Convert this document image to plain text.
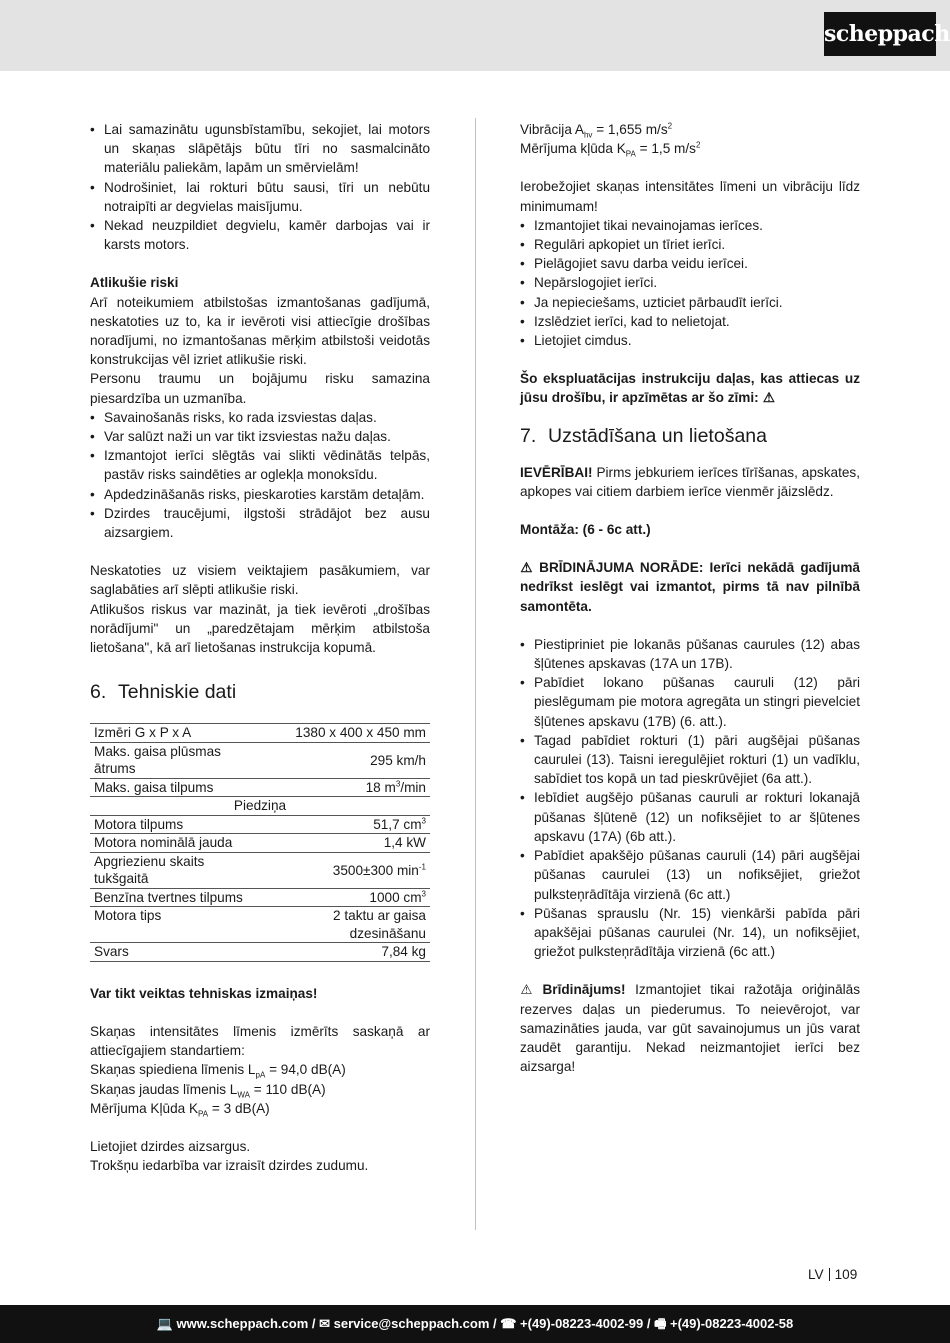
scheppach
• Lai samazinātu ugunsbīstamību, sekojiet, lai motors un skaņas slāpētājs būtu tīri no sasmalcināto materiālu paliekām, lapām un smērvielām!
• Nodrošiniet, lai rokturi būtu sausi, tīri un nebūtu notraipīti ar degvielas maisījumu.
• Nekad neuzpildiet degvielu, kamēr darbojas vai ir karsts motors.

Atlikušie riski

Arī noteikumiem atbilstošas izmantošanas gadījumā, neskatoties uz to, ka ir ievēroti visi attiecīgie drošības noradījumi, no izmantošanas mērķim atbilstoši veidotās konstrukcijas vēl izriet atlikušie riski.

Personu traumu un bojājumu risku samazina piesardzība un uzmanība.

• Savainošanās risks, ko rada izsviestas daļas.
• Var salūzt naži un var tikt izsviestas nažu daļas.
• Izmantojot ierīci slēgtās vai slikti vēdinātās telpās, pastāv risks saindēties ar oglekļa monoksīdu.
• Apdedzināšanās risks, pieskaroties karstām detaļām.
• Dzirdes traucējumi, ilgstoši strādājot bez ausu aizsargiem.

Neskatoties uz visiem veiktajiem pasākumiem, var saglabāties arī slēpti atlikušie riski.

Atlikušos riskus var mazināt, ja tiek ievēroti „drošības norādījumi" un „paredzētajam mērķim atbilstoša lietošana", kā arī lietošanas instrukcija kopumā.

6. Tehniskie dati
Izmēri G x P x A	1380 x 400 x 450 mm
Maks. gaisa plūsmas ātrums	295 km/h
Maks. gaisa tilpums	18 $m^3/\min$
Piedziņa	
Motora tilpums	51,7 $cm^3$
Motora nominālā jauda	1,4 kW
Apgriezienu skaits tukšgaitā	3500±300 $\min^{-1}$
Benzīna tvertnes tilpums	1000 $cm^3$
Motora tips	2 taktu ar gaisa dzesināšanu
Svars	7,84 kg

Var tikt veiktas tehniskas izmaiņas!

Skaņas intensitātes līmenis izmērīts saskaņā ar attiecīgajiem standartiem:

Skaņas spiediena līmenis $L_{pA} = 94,0$ dB(A)

Skaņas jaudas līmenis $L_{WA} = 110$ dB(A)

Mērījuma Kļūda $K_{PA} = 3$ dB(A)

Lietojiet dzirdes aizsargus.

Trokšņu iedarbība var izraisīt dzirdes zudumu.

Vibrācija $A_{hv} = 1,655$ $m/s^2$

Mērījuma kļūda $K_{PA} = 1,5$ $m/s^2$

Ierobežojiet skaņas intensitātes līmeni un vibrāciju līdz minimumam!

• Izmantojiet tikai nevainojamas ierīces.
• Regulāri apkopiet un tīriet ierīci.
• Pielāgojiet savu darba veidu ierīcei.
• Nepārslogojiet ierīci.
• Ja nepieciešams, uzticiet pārbaudīt ierīci.
• Izslēdziet ierīci, kad to nelietojat.
• Lietojiet cimdus.

Šo ekspluatācijas instrukciju daļas, kas attiecas uz jūsu drošību, ir apzīmētas ar šo zīmi: ⚠

7. Uzstādīšana un lietošana

IEVĒRĪBAI! Pirms jebkuriem ierīces tīrīšanas, apskates, apkopes vai citiem darbiem ierīce vienmēr jāizslēdz.

Montāža: (6 - 6c att.)

⚠ BRĪDINĀJUMA NORĀDE: Ierīci nekādā gadījumā nedrīkst ieslēgt vai izmantot, pirms tā nav pilnībā samontēta.

• Piestipriniet pie lokanās pūšanas caurules (12) abas šļūtenes apskavas (17A un 17B).
• Pabīdiet lokano pūšanas cauruli (12) pāri pieslēgumam pie motora agregāta un stingri pievelciet šļūtenes apskavu (17B) (6. att.).
• Tagad pabīdiet rokturi (1) pāri augšējai pūšanas caurulei (13). Taisni ieregulējiet rokturi (1) un vadīklu, sabīdiet tos kopā un tad pieskrūvējiet (6a att.).
• Iebīdiet augšējo pūšanas cauruli ar rokturi lokanajā pūšanas šļūtenē (12) un nofiksējiet to ar šļūtenes apskavu (17A) (6b att.).
• Pabīdiet apakšējo pūšanas cauruli (14) pāri augšējai pūšanas caurulei (13) un nofiksējiet, griežot pulksteņrādītāja virzienā (6c att.)
• Pūšanas sprauslu (Nr. 15) vienkārši pabīda pāri apakšējai pūšanas caurulei (Nr. 14), un nofiksējiet, griežot pulksteņrādītāja virzienā (6c att.)

⚠ Brīdinājums! Izmantojiet tikai ražotāja oriģinālās rezerves daļas un piederumus. To neievērojot, var samazināties jauda, var gūt savainojumus un jūs varat zaudēt garantiju. Nekad neizmantojiet ierīci bez aizsarga!

LV 109
💻 www.scheppach.com / ✉ service@scheppach.com / ☎ +(49)-08223-4002-99 / 🖷 +(49)-08223-4002-58
